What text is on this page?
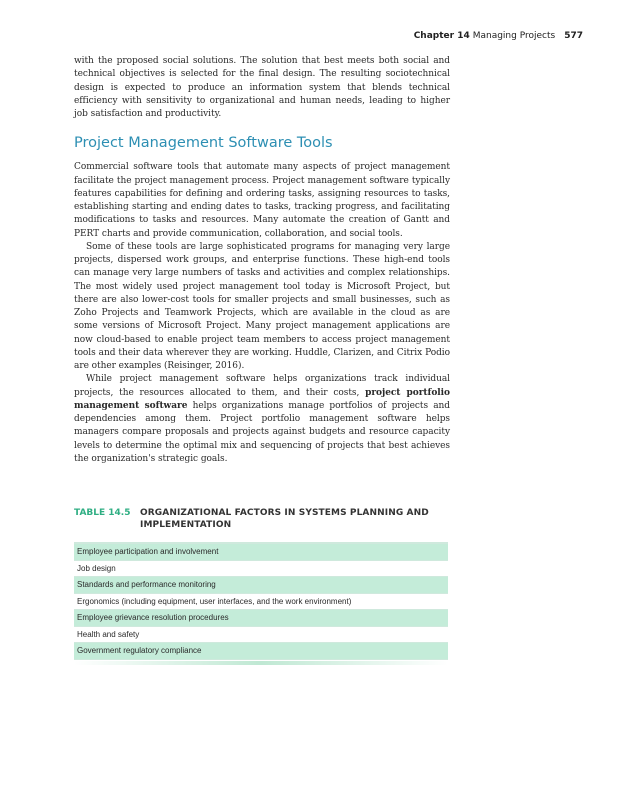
Chapter 14 Managing Projects 577

with the proposed social solutions. The solution that best meets both social and technical objectives is selected for the final design. The resulting sociotechnical design is expected to produce an information system that blends technical efficiency with sensitivity to organizational and human needs, leading to higher job satisfaction and productivity.

Project Management Software Tools

Commercial software tools that automate many aspects of project management facilitate the project management process. Project management software typically features capabilities for defining and ordering tasks, assigning resources to tasks, establishing starting and ending dates to tasks, tracking progress, and facilitating modifications to tasks and resources. Many automate the creation of Gantt and PERT charts and provide communication, collaboration, and social tools.

Some of these tools are large sophisticated programs for managing very large projects, dispersed work groups, and enterprise functions. These high-end tools can manage very large numbers of tasks and activities and complex relationships. The most widely used project management tool today is Microsoft Project, but there are also lower-cost tools for smaller projects and small businesses, such as Zoho Projects and Teamwork Projects, which are available in the cloud as are some versions of Microsoft Project. Many project management applications are now cloud-based to enable project team members to access project management tools and their data wherever they are working. Huddle, Clarizen, and Citrix Podio are other examples (Reisinger, 2016).

While project management software helps organizations track individual projects, the resources allocated to them, and their costs, project portfolio management software helps organizations manage portfolios of projects and dependencies among them. Project portfolio management software helps managers compare proposals and projects against budgets and resource capacity levels to determine the optimal mix and sequencing of projects that best achieves the organization's strategic goals.

TABLE 14.5	ORGANIZATIONAL FACTORS IN SYSTEMS PLANNING AND IMPLEMENTATION
Employee participation and involvement
Job design
Standards and performance monitoring
Ergonomics (including equipment, user interfaces, and the work environment)
Employee grievance resolution procedures
Health and safety
Government regulatory compliance
